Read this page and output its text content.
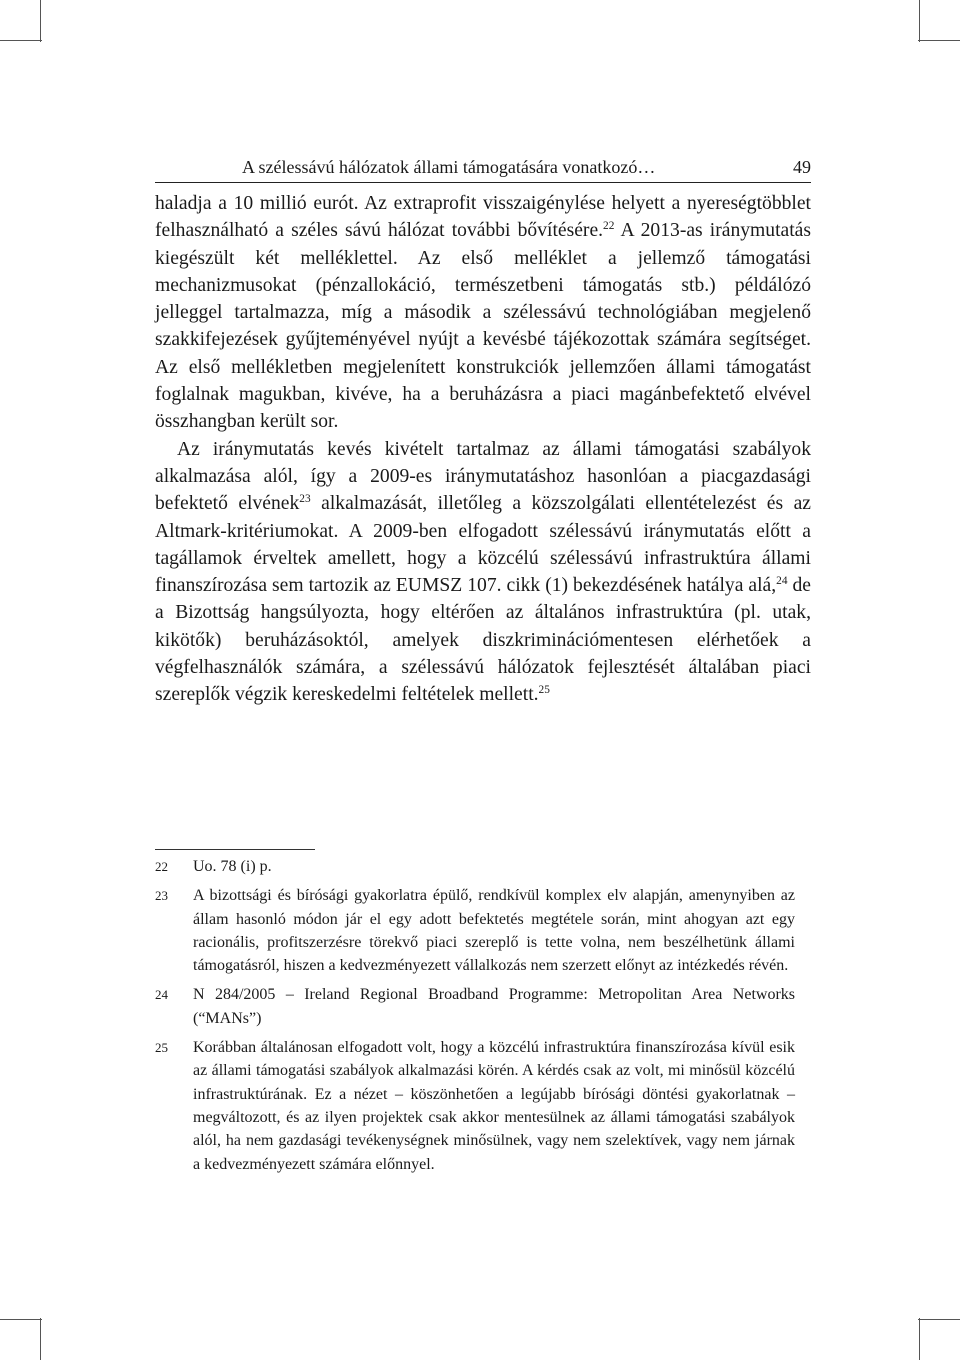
A szélessávú hálózatok állami támogatására vonatkozó…	49

haladja a 10 millió eurót. Az extraprofit visszaigénylése helyett a nyereségtöbblet felhasználható a széles sávú hálózat további bővítésére.$^{22}$ A 2013-as iránymutatás kiegészült két melléklettel. Az első melléklet a jellemző támogatási mechanizmusokat (pénzallokáció, természetbeni támogatás stb.) példálózó jelleggel tartalmazza, míg a második a szélessávú technológiában megjelenő szakkifejezések gyűjteményével nyújt a kevésbé tájékozottak számára segítséget. Az első mellékletben megjelenített konstrukciók jellemzően állami támogatást foglalnak magukban, kivéve, ha a beruházásra a piaci magánbefektető elvével összhangban került sor.

Az iránymutatás kevés kivételt tartalmaz az állami támogatási szabályok alkalmazása alól, így a 2009-es iránymutatáshoz hasonlóan a piacgazdasági befektető elvének$^{23}$ alkalmazását, illetőleg a közszolgálati ellentételezést és az Altmark-kritériumokat. A 2009-ben elfogadott szélessávú iránymutatás előtt a tagállamok érveltek amellett, hogy a közcélú szélessávú infrastruktúra állami finanszírozása sem tartozik az EUMSZ 107. cikk (1) bekezdésének hatálya alá,$^{24}$ de a Bizottság hangsúlyozta, hogy eltérően az általános infrastruktúra (pl. utak, kikötők) beruházásoktól, amelyek diszkriminációmentesen elérhetőek a végfelhasználók számára, a szélessávú hálózatok fejlesztését általában piaci szereplők végzik kereskedelmi feltételek mellett.$^{25}$

22	Uo. 78 (i) p.
23	A bizottsági és bírósági gyakorlatra épülő, rendkívül komplex elv alapján, amenynyiben az állam hasonló módon jár el egy adott befektetés megtétele során, mint ahogyan azt egy racionális, profitszerzésre törekvő piaci szereplő is tette volna, nem beszélhetünk állami támogatásról, hiszen a kedvezményezett vállalkozás nem szerzett előnyt az intézkedés révén.
24	N 284/2005 – Ireland Regional Broadband Programme: Metropolitan Area Networks (“MANs”)
25	Korábban általánosan elfogadott volt, hogy a közcélú infrastruktúra finanszírozása kívül esik az állami támogatási szabályok alkalmazási körén. A kérdés csak az volt, mi minősül közcélú infrastruktúrának. Ez a nézet – köszönhetően a legújabb bírósági döntési gyakorlatnak – megváltozott, és az ilyen projektek csak akkor mentesülnek az állami támogatási szabályok alól, ha nem gazdasági tevékenységnek minősülnek, vagy nem szelektívek, vagy nem járnak a kedvezményezett számára előnnyel.
